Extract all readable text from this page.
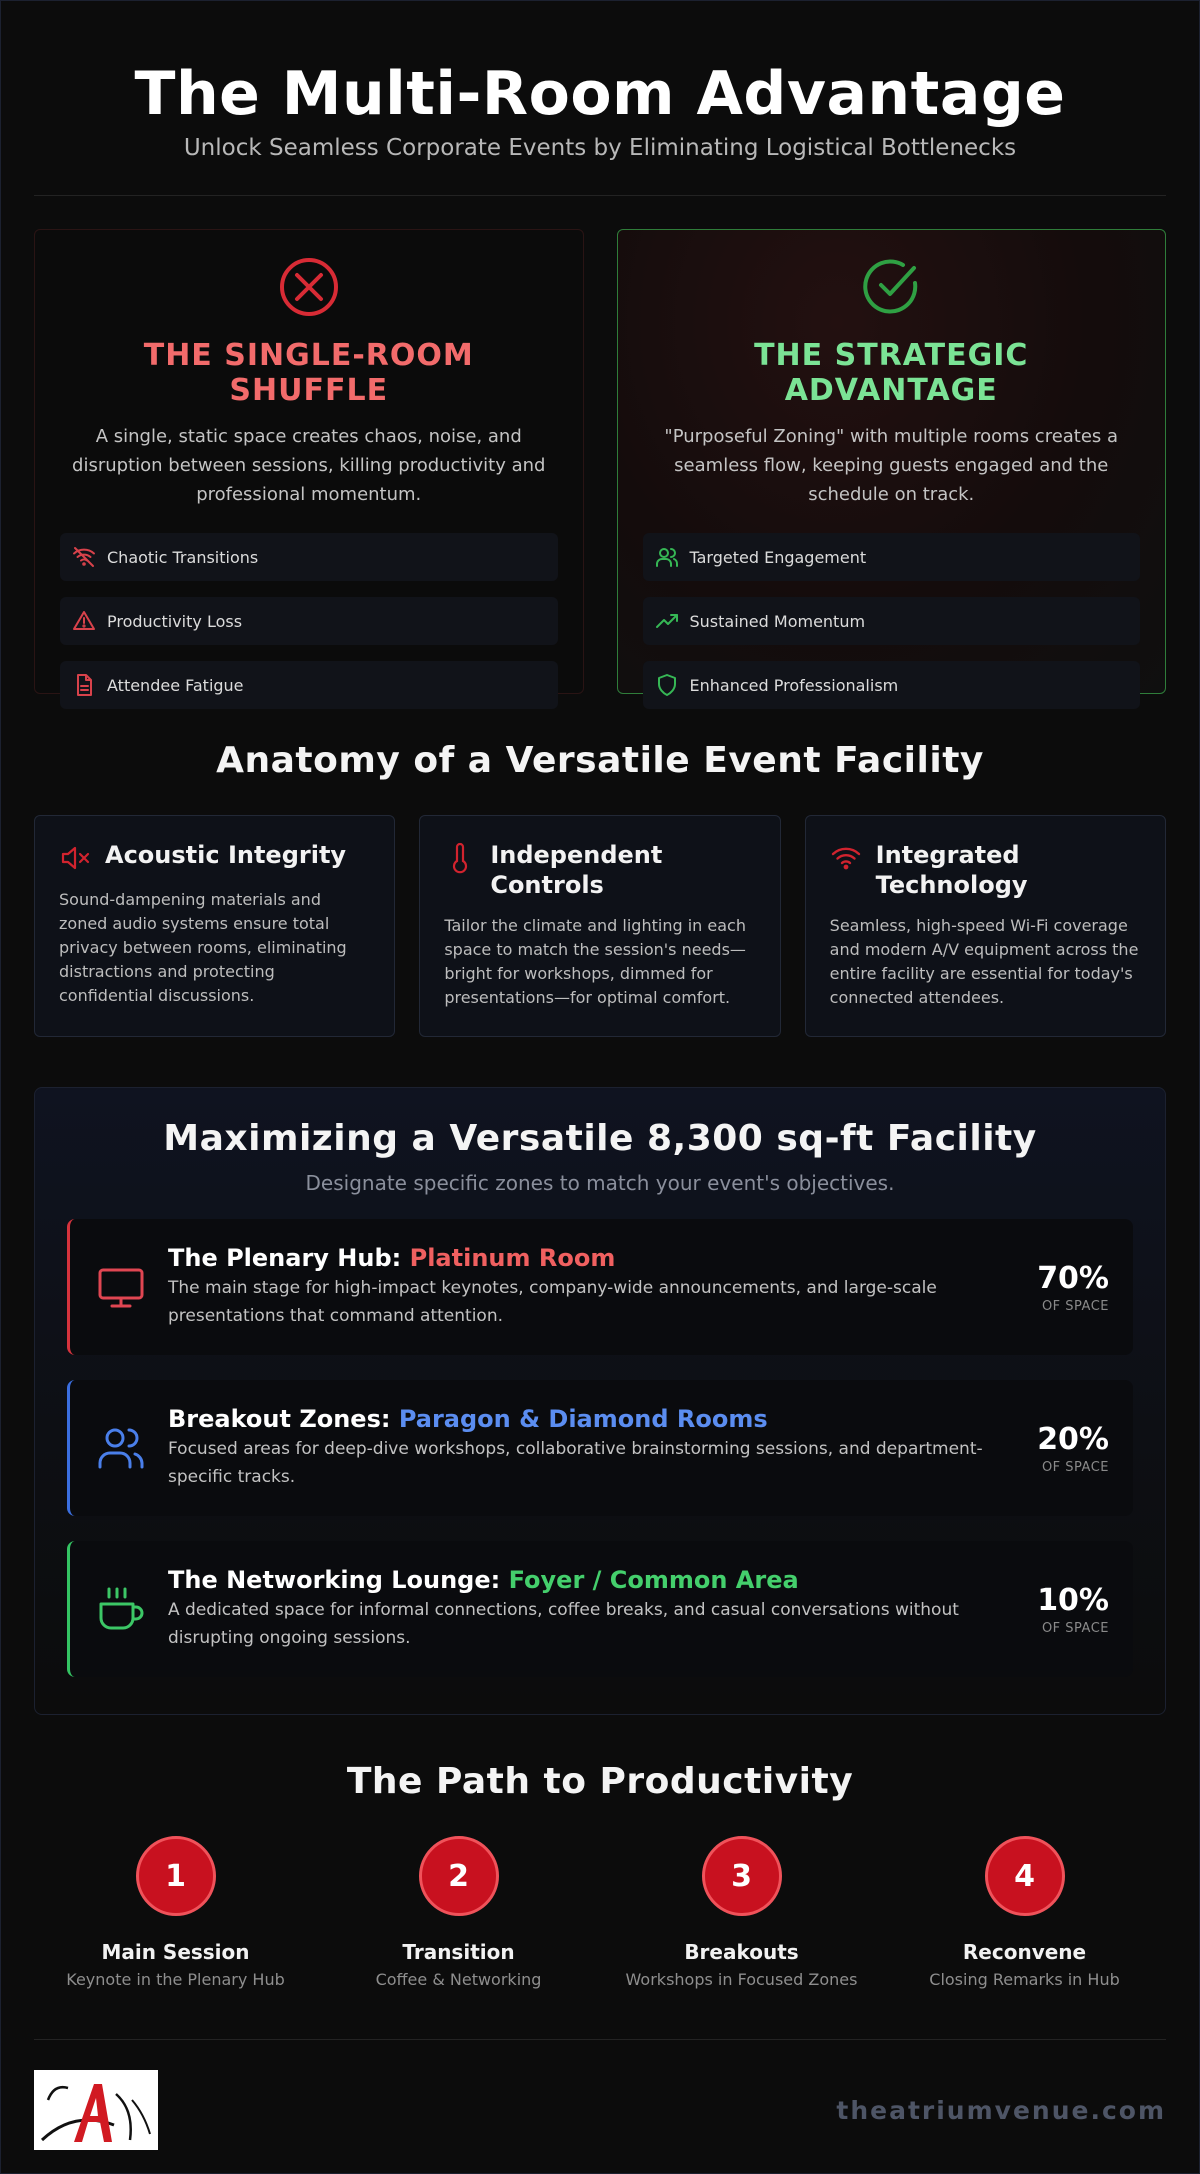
The Multi-Room Advantage
Unlock Seamless Corporate Events by Eliminating Logistical Bottlenecks
THE SINGLE-ROOM SHUFFLE

A single, static space creates chaos, noise, and disruption between sessions, killing productivity and professional momentum.

Chaotic Transitions
Productivity Loss
Attendee Fatigue
THE STRATEGIC ADVANTAGE

"Purposeful Zoning" with multiple rooms creates a seamless flow, keeping guests engaged and the schedule on track.

Targeted Engagement
Sustained Momentum
Enhanced Professionalism
Anatomy of a Versatile Event Facility
Acoustic Integrity

Sound-dampening materials and zoned audio systems ensure total privacy between rooms, eliminating distractions and protecting confidential discussions.

Independent Controls

Tailor the climate and lighting in each space to match the session's needs—bright for workshops, dimmed for presentations—for optimal comfort.

Integrated Technology

Seamless, high-speed Wi-Fi coverage and modern A/V equipment across the entire facility are essential for today's connected attendees.

Maximizing a Versatile 8,300 sq-ft Facility
Designate specific zones to match your event's objectives.
The Plenary Hub: Platinum Room
The main stage for high-impact keynotes, company-wide announcements, and large-scale presentations that command attention.
70%
OF SPACE
Breakout Zones: Paragon & Diamond Rooms
Focused areas for deep-dive workshops, collaborative brainstorming sessions, and department-specific tracks.
20%
OF SPACE
The Networking Lounge: Foyer / Common Area
A dedicated space for informal connections, coffee breaks, and casual conversations without disrupting ongoing sessions.
10%
OF SPACE
The Path to Productivity
1
Main Session
Keynote in the Plenary Hub
2
Transition
Coffee & Networking
3
Breakouts
Workshops in Focused Zones
4
Reconvene
Closing Remarks in Hub
theatriumvenue.com
